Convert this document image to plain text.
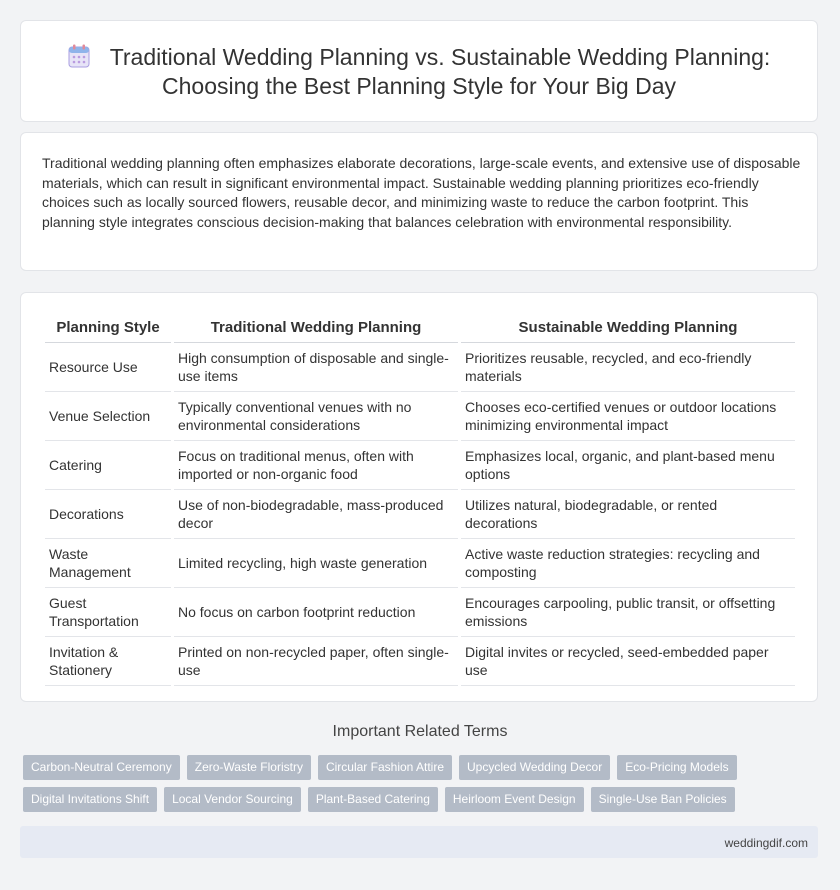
Traditional Wedding Planning vs. Sustainable Wedding Planning:
Choosing the Best Planning Style for Your Big Day

Traditional wedding planning often emphasizes elaborate decorations, large-scale events, and extensive use of disposable materials, which can result in significant environmental impact. Sustainable wedding planning prioritizes eco-friendly choices such as locally sourced flowers, reusable decor, and minimizing waste to reduce the carbon footprint. This planning style integrates conscious decision-making that balances celebration with environmental responsibility.

Planning Style	Traditional Wedding Planning	Sustainable Wedding Planning
Resource Use	High consumption of disposable and single-use items	Prioritizes reusable, recycled, and eco-friendly materials
Venue Selection	Typically conventional venues with no environmental considerations	Chooses eco-certified venues or outdoor locations minimizing environmental impact
Catering	Focus on traditional menus, often with imported or non-organic food	Emphasizes local, organic, and plant-based menu options
Decorations	Use of non-biodegradable, mass-produced decor	Utilizes natural, biodegradable, or rented decorations
Waste Management	Limited recycling, high waste generation	Active waste reduction strategies: recycling and composting
Guest Transportation	No focus on carbon footprint reduction	Encourages carpooling, public transit, or offsetting emissions
Invitation & Stationery	Printed on non-recycled paper, often single-use	Digital invites or recycled, seed-embedded paper use
Important Related Terms
Carbon-Neutral Ceremony	Zero-Waste Floristry	Circular Fashion Attire	Upcycled Wedding Decor	Eco-Pricing Models
Digital Invitations Shift	Local Vendor Sourcing	Plant-Based Catering	Heirloom Event Design	Single-Use Ban Policies
weddingdif.com
